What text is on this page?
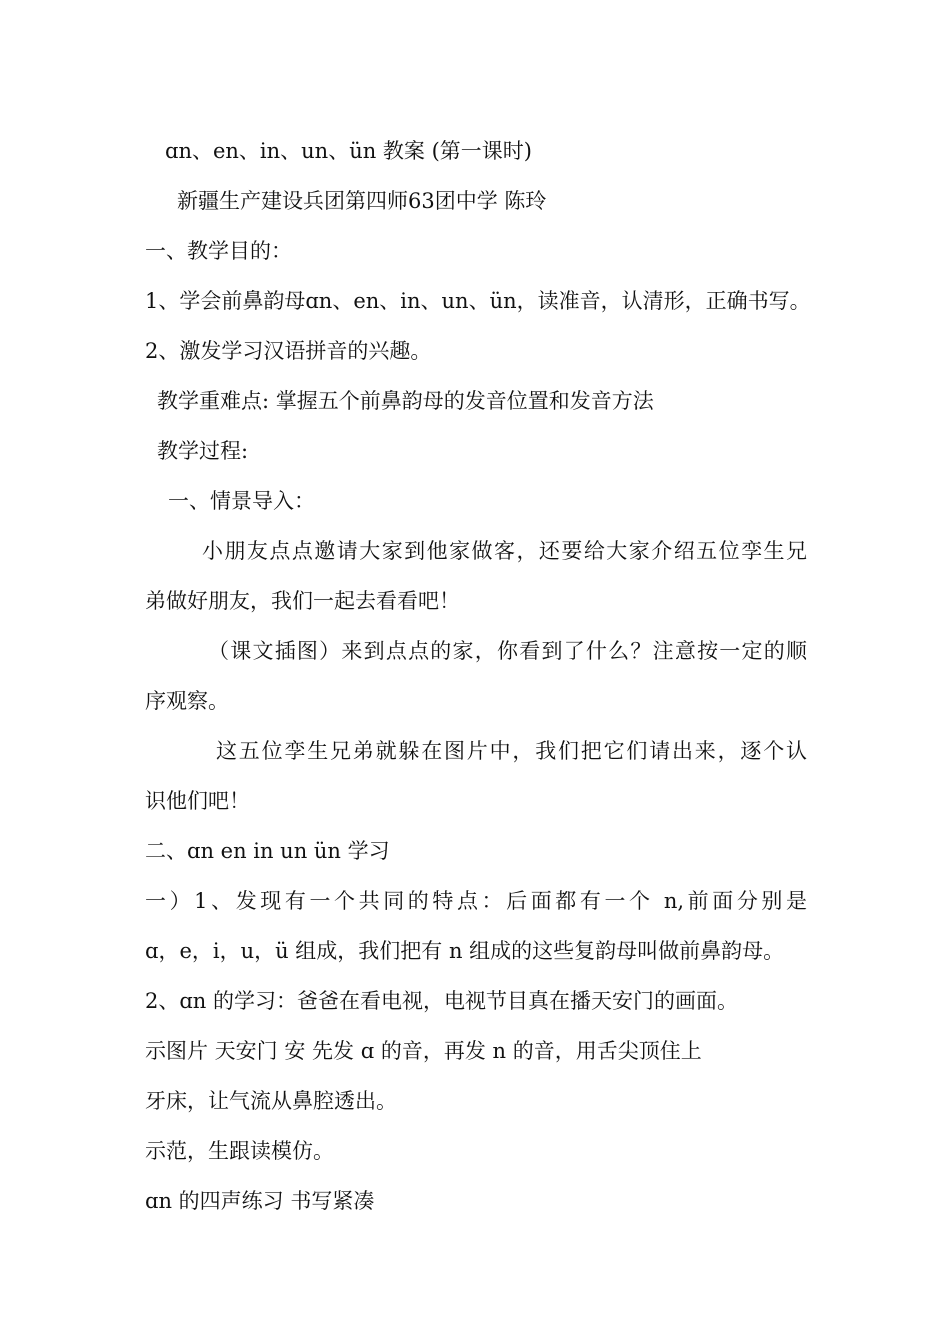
ɑn、en、in、un、ün 教案 (第一课时)
新疆生产建设兵团第四师63团中学 陈玲
一、教学目的：
1、学会前鼻韵母ɑn、en、in、un、ün，读准音，认清形，正确书写。
2、激发学习汉语拼音的兴趣。
教学重难点: 掌握五个前鼻韵母的发音位置和发音方法
教学过程:
一、情景导入：
小朋友点点邀请大家到他家做客，还要给大家介绍五位孪生兄
弟做好朋友，我们一起去看看吧！
（课文插图）来到点点的家，你看到了什么？注意按一定的顺
序观察。
这五位孪生兄弟就躲在图片中，我们把它们请出来，逐个认
识他们吧！
二、ɑn en in un ün 学习
一）1、发现有一个共同的特点：后面都有一个 n,前面分别是
ɑ，e，i，u，ü 组成，我们把有 n 组成的这些复韵母叫做前鼻韵母。
2、ɑn 的学习：爸爸在看电视，电视节目真在播天安门的画面。
示图片 天安门 安 先发 ɑ 的音，再发 n 的音，用舌尖顶住上
牙床，让气流从鼻腔透出。
示范，生跟读模仿。
ɑn 的四声练习 书写紧凑
